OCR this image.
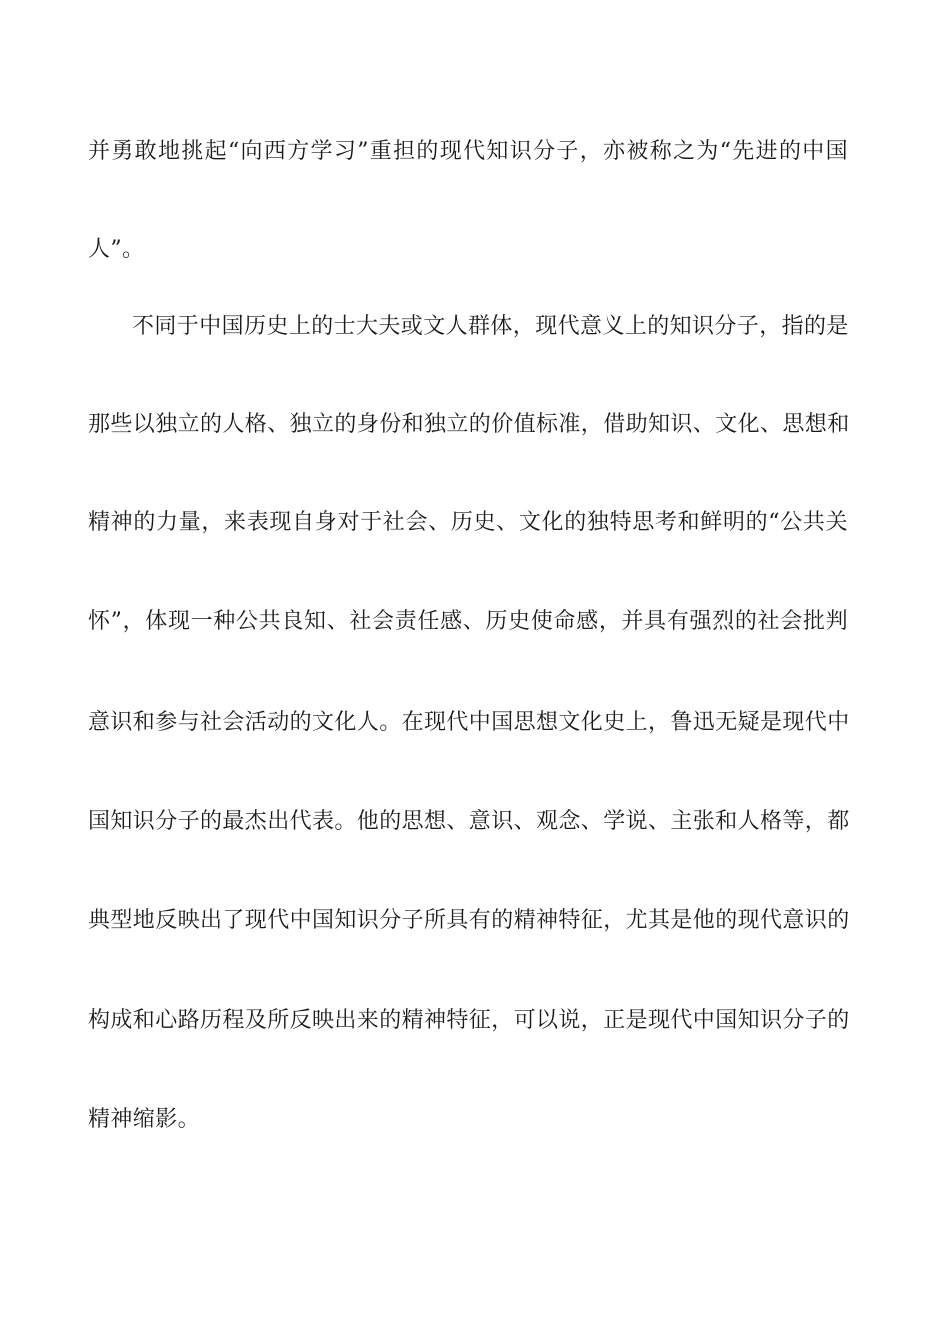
并勇敢地挑起“向西方学习”重担的现代知识分子，亦被称之为“先进的中国
人”。
不同于中国历史上的士大夫或文人群体，现代意义上的知识分子，指的是
那些以独立的人格、独立的身份和独立的价值标准，借助知识、文化、思想和
精神的力量，来表现自身对于社会、历史、文化的独特思考和鲜明的“公共关
怀”，体现一种公共良知、社会责任感、历史使命感，并具有强烈的社会批判
意识和参与社会活动的文化人。在现代中国思想文化史上，鲁迅无疑是现代中
国知识分子的最杰出代表。他的思想、意识、观念、学说、主张和人格等，都
典型地反映出了现代中国知识分子所具有的精神特征，尤其是他的现代意识的
构成和心路历程及所反映出来的精神特征，可以说，正是现代中国知识分子的
精神缩影。
